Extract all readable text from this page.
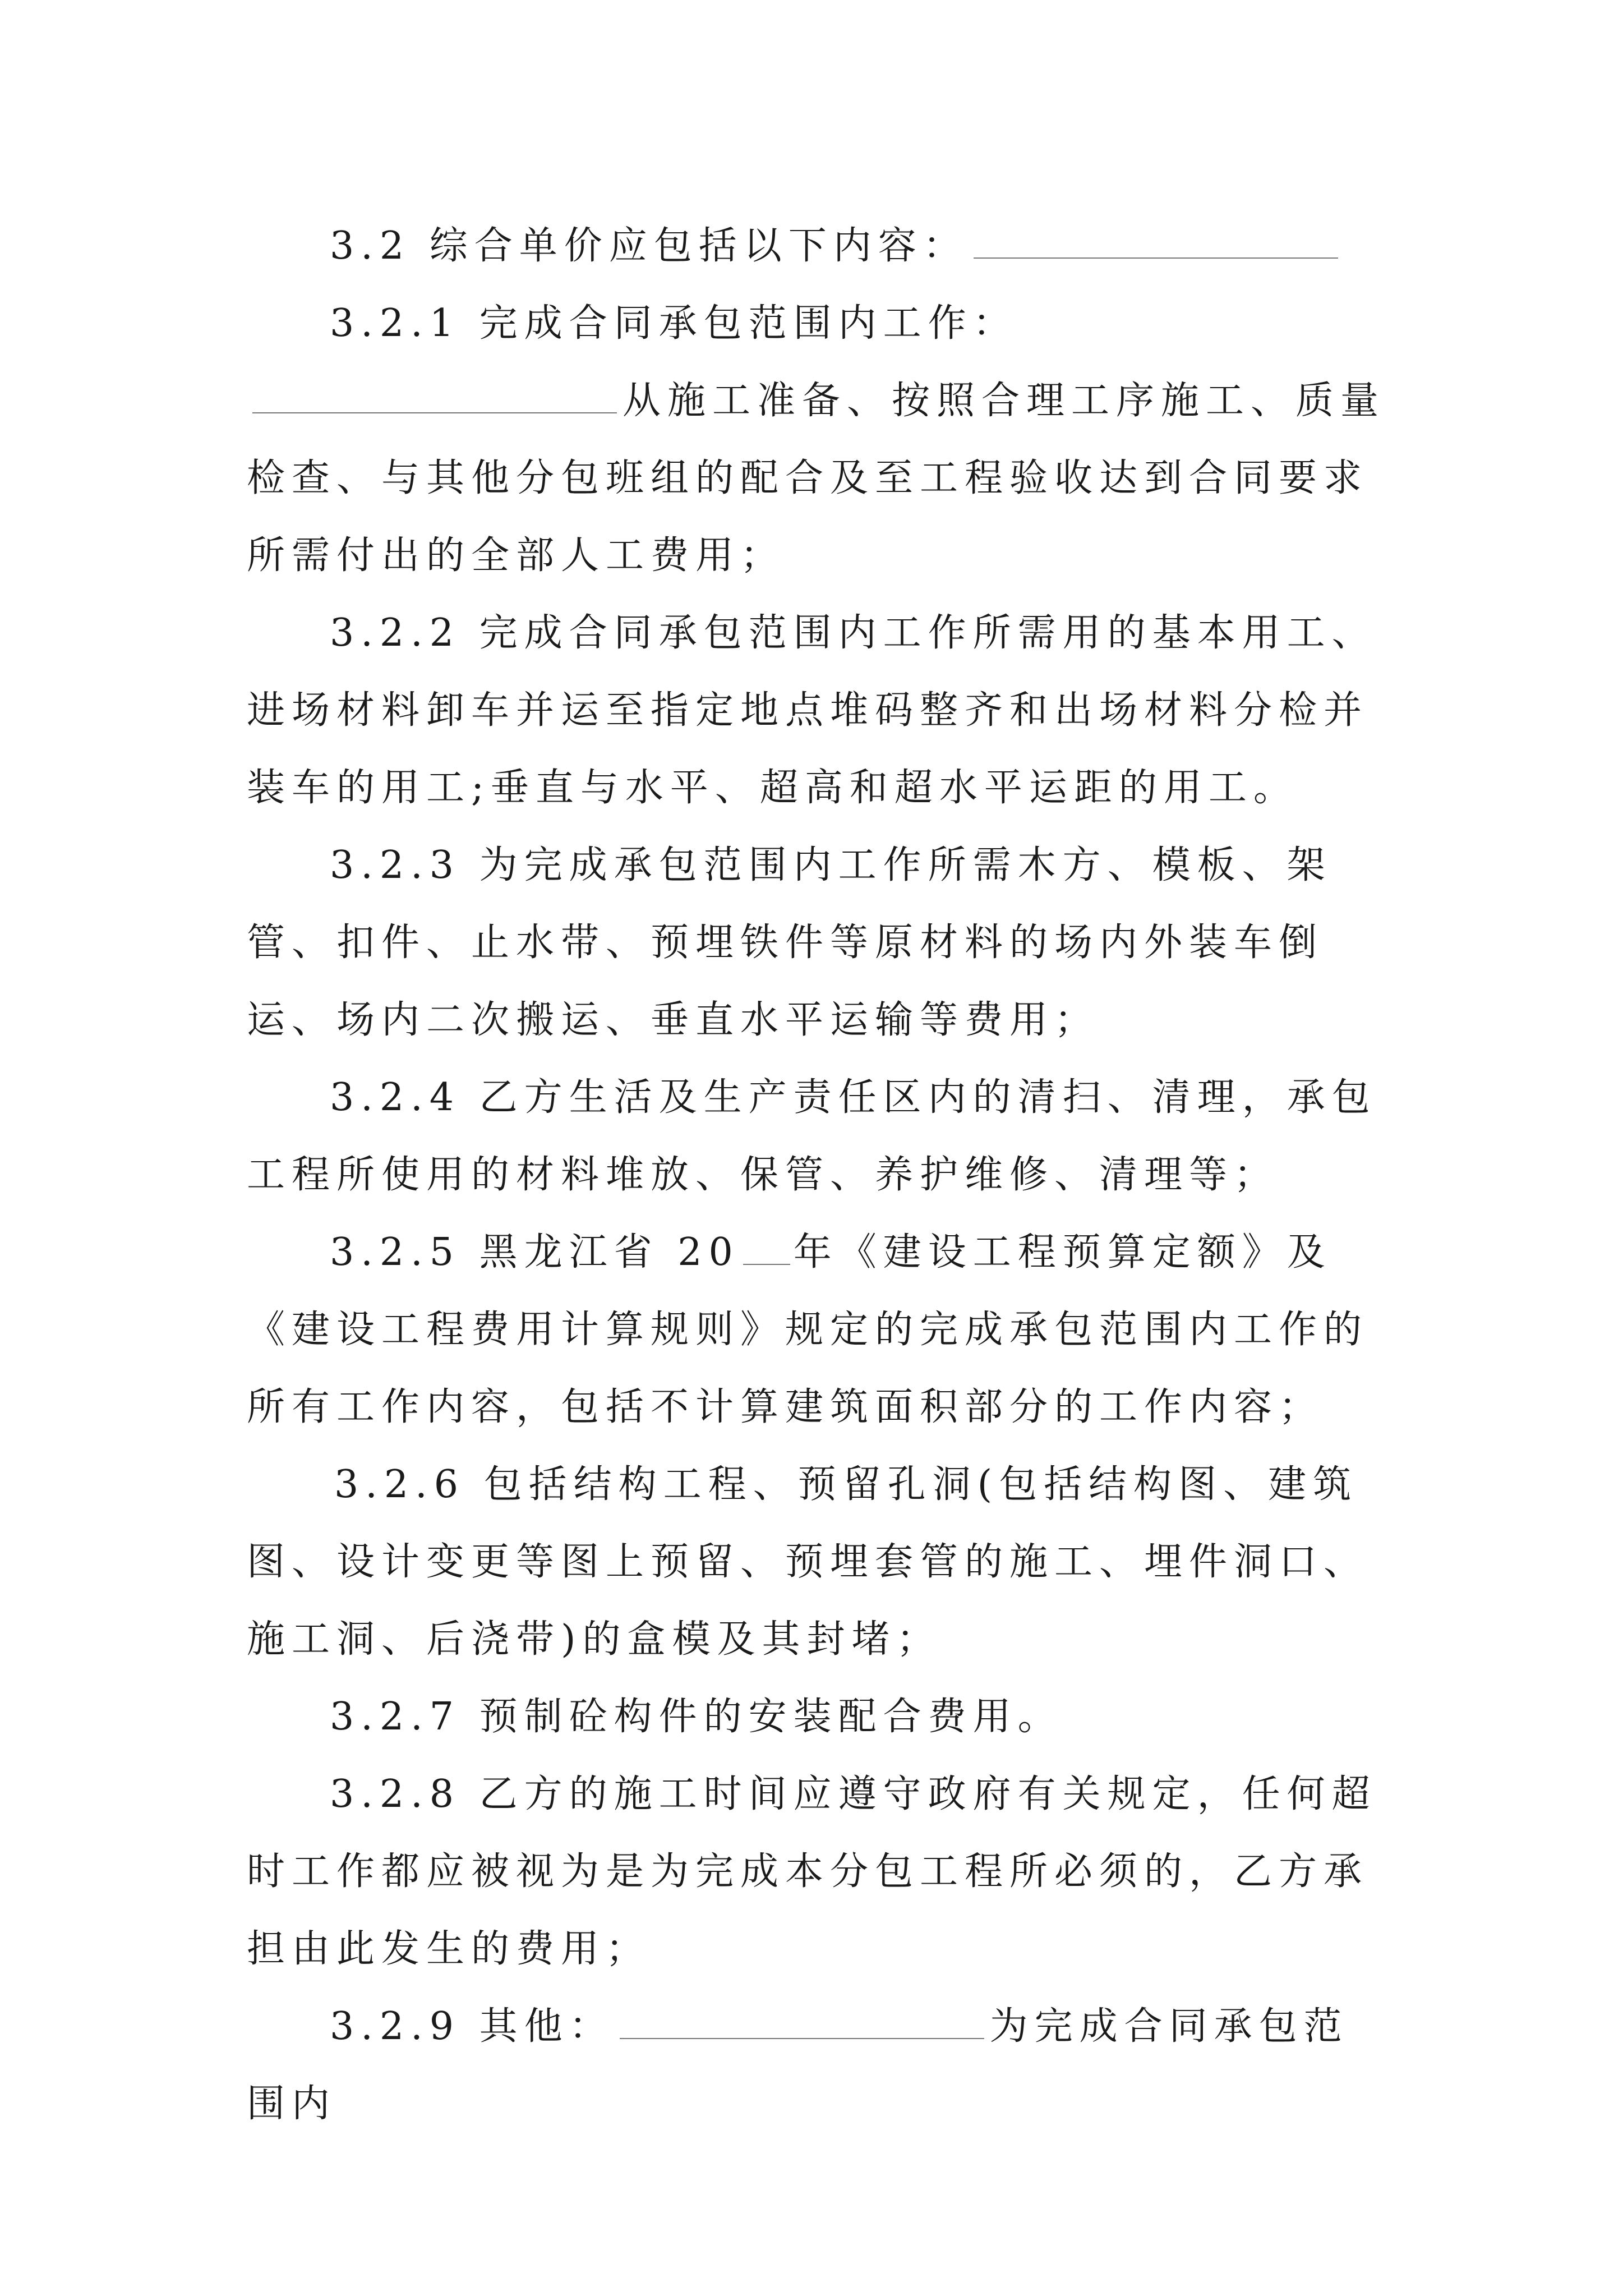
3.2 综合单价应包括以下内容：

3.2.1 完成合同承包范围内工作：从施工准备、按照合理工序施工、质量检查、与其他分包班组的配合及至工程验收达到合同要求所需付出的全部人工费用；

3.2.2 完成合同承包范围内工作所需用的基本用工、进场材料卸车并运至指定地点堆码整齐和出场材料分检并装车的用工;垂直与水平、超高和超水平运距的用工。

3.2.3 为完成承包范围内工作所需木方、模板、架管、扣件、止水带、预埋铁件等原材料的场内外装车倒运、场内二次搬运、垂直水平运输等费用；

3.2.4 乙方生活及生产责任区内的清扫、清理，承包工程所使用的材料堆放、保管、养护维修、清理等；

3.2.5 黑龙江省 20 年《建设工程预算定额》及《建设工程费用计算规则》规定的完成承包范围内工作的所有工作内容，包括不计算建筑面积部分的工作内容；

3.2.6 包括结构工程、预留孔洞(包括结构图、建筑图、设计变更等图上预留、预埋套管的施工、埋件洞口、施工洞、后浇带)的盒模及其封堵；

3.2.7 预制砼构件的安装配合费用。

3.2.8 乙方的施工时间应遵守政府有关规定，任何超时工作都应被视为是为完成本分包工程所必须的，乙方承担由此发生的费用；

3.2.9 其他：	为完成合同承包范围内
